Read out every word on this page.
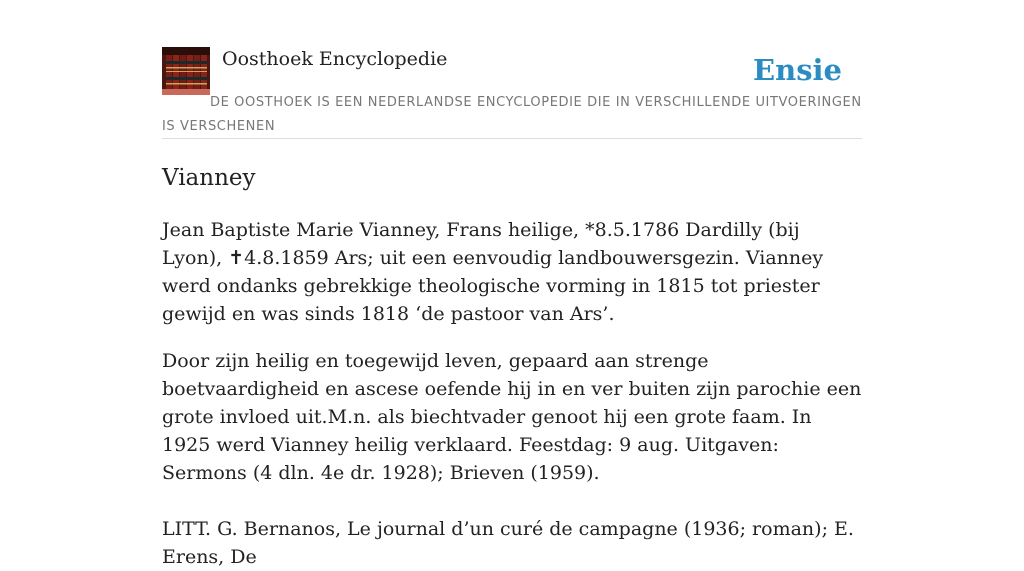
Oosthoek Encyclopedie	Ensie
DE OOSTHOEK IS EEN NEDERLANDSE ENCYCLOPEDIE DIE IN VERSCHILLENDE UITVOERINGEN IS VERSCHENEN
Vianney

Jean Baptiste Marie Vianney, Frans heilige, *8.5.1786 Dardilly (bij Lyon), ✝4.8.1859 Ars; uit een eenvoudig landbouwersgezin. Vianney werd ondanks gebrekkige theologische vorming in 1815 tot priester gewijd en was sinds 1818 ‘de pastoor van Ars’.

Door zijn heilig en toegewijd leven, gepaard aan strenge boetvaardigheid en ascese oefende hij in en ver buiten zijn parochie een grote invloed uit.M.n. als biechtvader genoot hij een grote faam. In 1925 werd Vianney heilig verklaard. Feestdag: 9 aug. Uitgaven: Sermons (4 dln. 4e dr. 1928); Brieven (1959).

LITT. G. Bernanos, Le journal d’un curé de campagne (1936; roman); E. Erens, De
